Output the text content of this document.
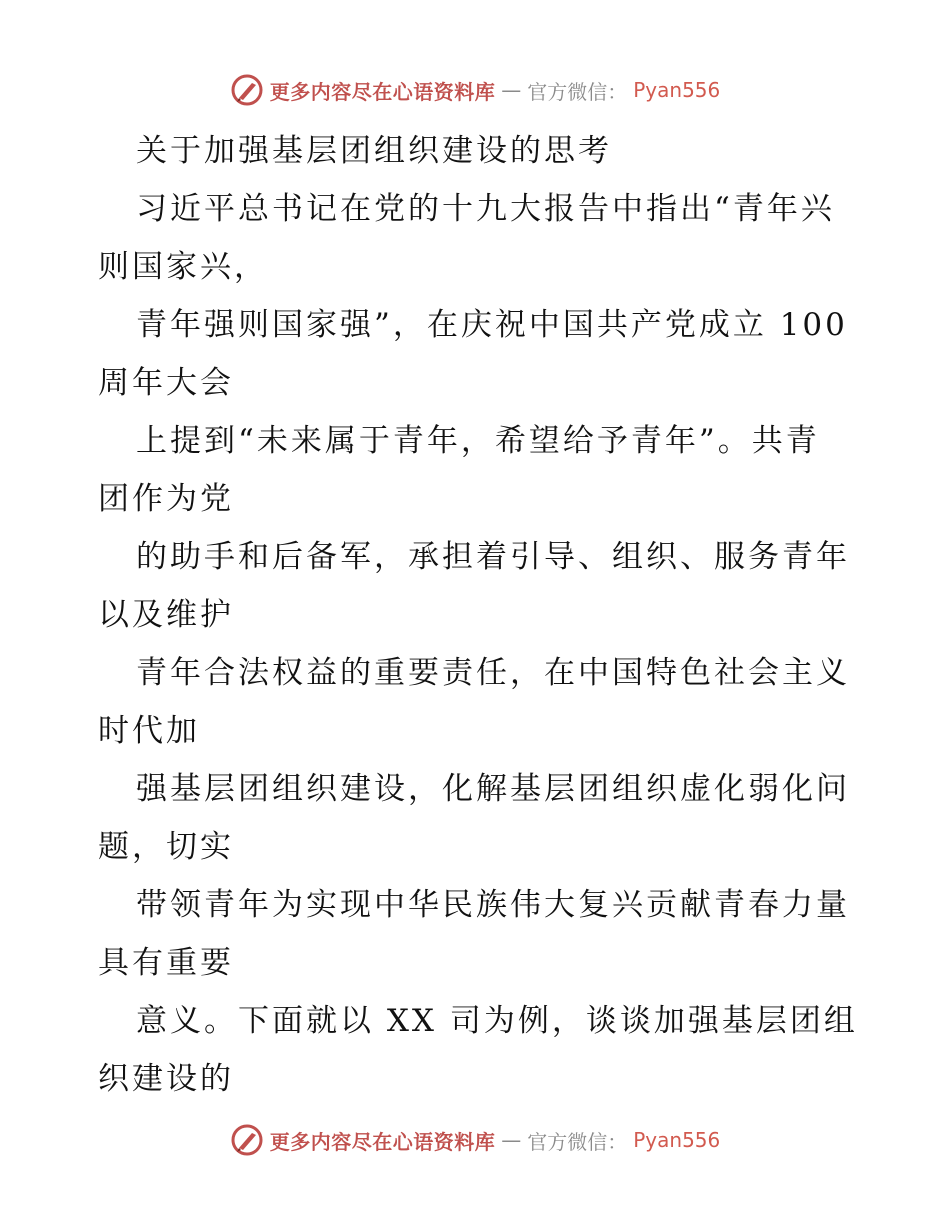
更多内容尽在心语资料库 — 官方微信： Pyan556
关于加强基层团组织建设的思考
习近平总书记在党的十九大报告中指出“青年兴
则国家兴，
青年强则国家强”，在庆祝中国共产党成立 100
周年大会
上提到“未来属于青年，希望给予青年”。共青
团作为党
的助手和后备军，承担着引导、组织、服务青年
以及维护
青年合法权益的重要责任，在中国特色社会主义
时代加
强基层团组织建设，化解基层团组织虚化弱化问
题，切实
带领青年为实现中华民族伟大复兴贡献青春力量
具有重要
意义。下面就以 XX 司为例，谈谈加强基层团组
织建设的
更多内容尽在心语资料库 — 官方微信： Pyan556
